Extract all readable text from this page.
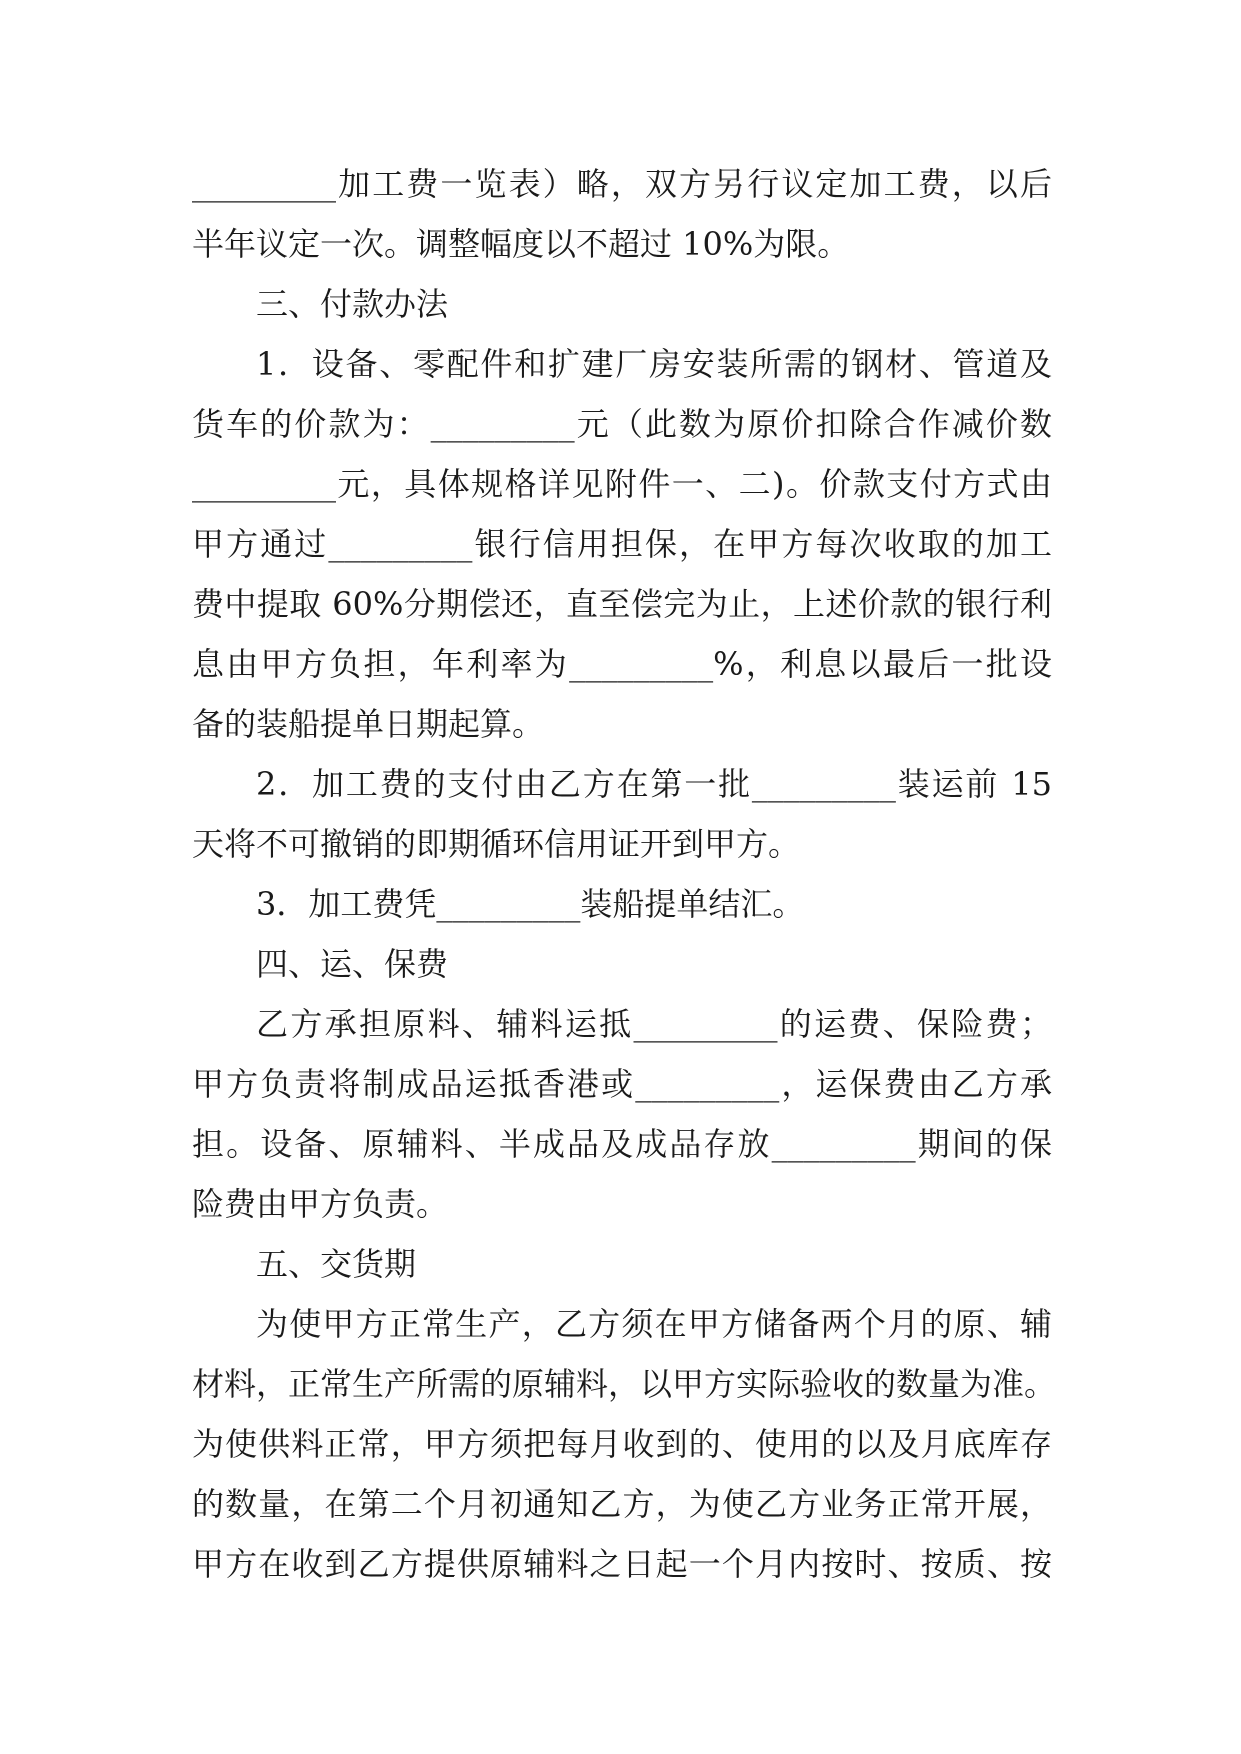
_________加工费一览表）略，双方另行议定加工费，以后
半年议定一次。调整幅度以不超过 10%为限。
三、付款办法
1．设备、零配件和扩建厂房安装所需的钢材、管道及
货车的价款为：_________元（此数为原价扣除合作减价数
_________元，具体规格详见附件一、二)。价款支付方式由
甲方通过_________银行信用担保，在甲方每次收取的加工
费中提取 60%分期偿还，直至偿完为止，上述价款的银行利
息由甲方负担，年利率为_________%，利息以最后一批设
备的装船提单日期起算。
2．加工费的支付由乙方在第一批_________装运前 15
天将不可撤销的即期循环信用证开到甲方。
3．加工费凭_________装船提单结汇。
四、运、保费
乙方承担原料、辅料运抵_________的运费、保险费；
甲方负责将制成品运抵香港或_________，运保费由乙方承
担。设备、原辅料、半成品及成品存放_________期间的保
险费由甲方负责。
五、交货期
为使甲方正常生产，乙方须在甲方储备两个月的原、辅
材料，正常生产所需的原辅料，以甲方实际验收的数量为准。
为使供料正常，甲方须把每月收到的、使用的以及月底库存
的数量，在第二个月初通知乙方，为使乙方业务正常开展，
甲方在收到乙方提供原辅料之日起一个月内按时、按质、按
